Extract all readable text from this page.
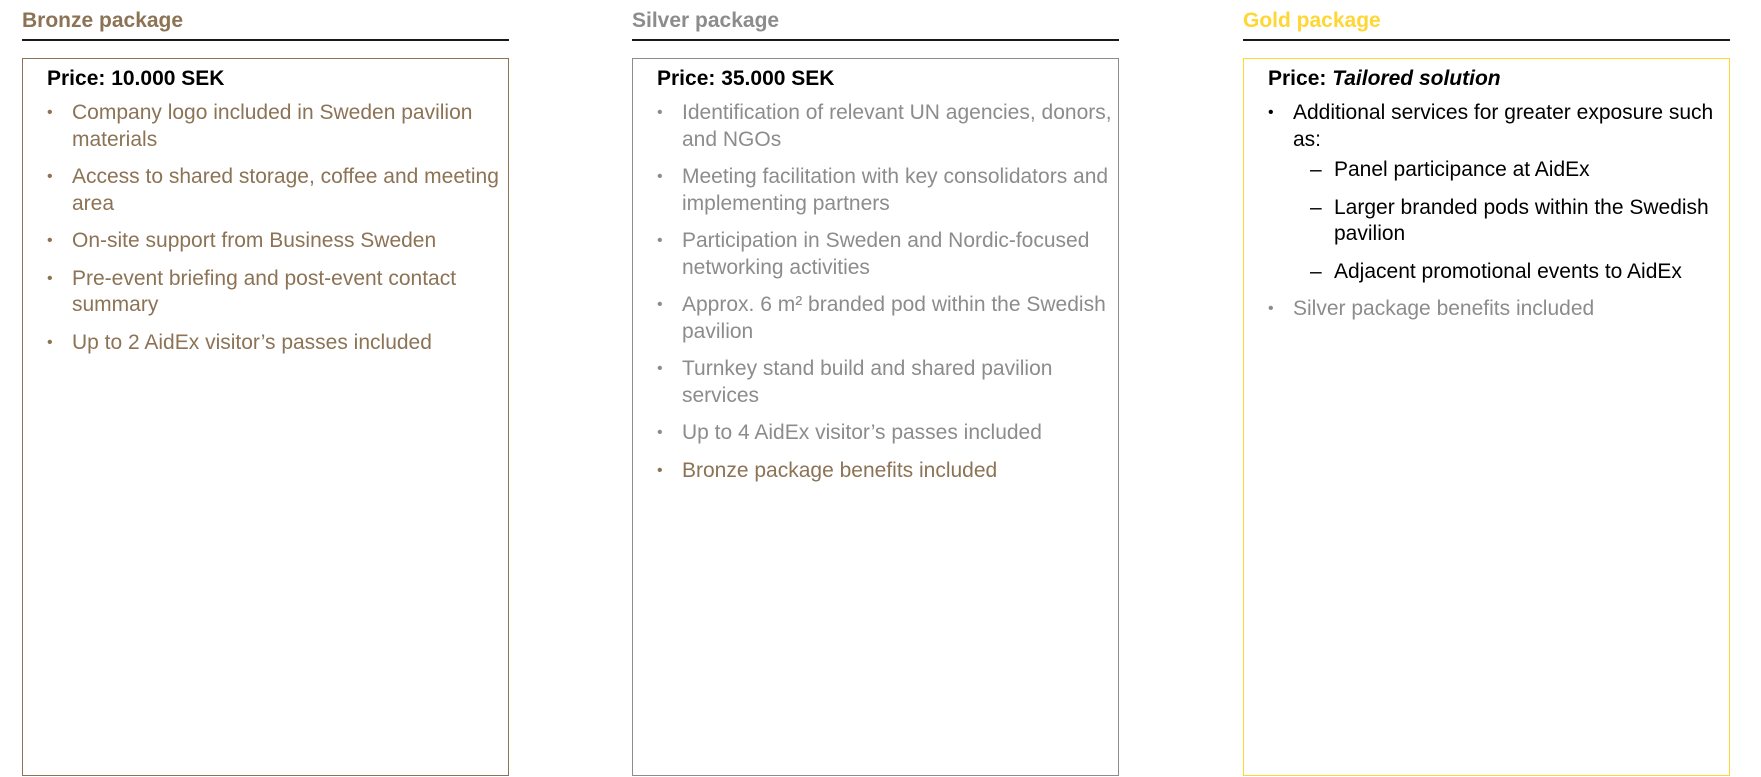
Bronze package

Price: 10.000 SEK

• Company logo included in Sweden pavilion materials
• Access to shared storage, coffee and meeting area
• On-site support from Business Sweden
• Pre-event briefing and post-event contact summary
• Up to 2 AidEx visitor’s passes included
Silver package

Price: 35.000 SEK

• Identification of relevant UN agencies, donors, and NGOs
• Meeting facilitation with key consolidators and implementing partners
• Participation in Sweden and Nordic-focused networking activities
• Approx. 6 m² branded pod within the Swedish pavilion
• Turnkey stand build and shared pavilion services
• Up to 4 AidEx visitor’s passes included
• Bronze package benefits included
Gold package

Price: Tailored solution

• Additional services for greater exposure such as:
– Panel participance at AidEx
– Larger branded pods within the Swedish pavilion
– Adjacent promotional events to AidEx
• Silver package benefits included
